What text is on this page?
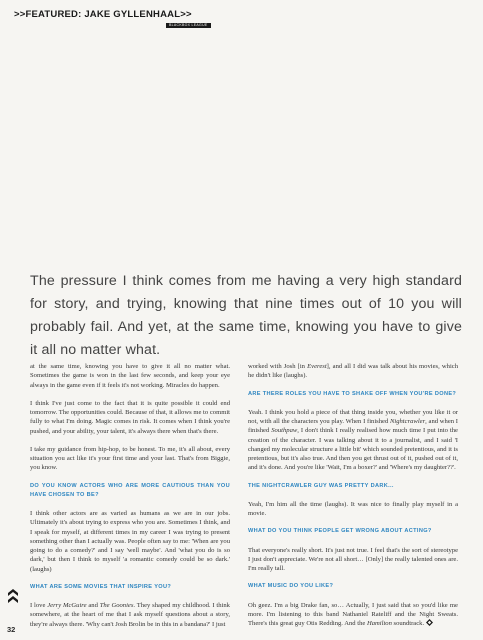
>>FEATURED: JAKE GYLLENHAAL>>
BLACKBOX LEAGUE
The pressure I think comes from me having a very high standard for story, and trying, knowing that nine times out of 10 you will probably fail. And yet, at the same time, knowing you have to give it all no matter what.

at the same time, knowing you have to give it all no matter what. Sometimes the game is won in the last few seconds, and keep your eye always in the game even if it feels it's not working. Miracles do happen.

I think I've just come to the fact that it is quite possible it could end tomorrow. The opportunities could. Because of that, it allows me to commit fully to what I'm doing. Magic comes in risk. It comes when I think you're pushed, and your ability, your talent, it's always there when that's there.

I take my guidance from hip-hop, to be honest. To me, it's all about, every situation you act like it's your first time and your last. That's from Biggie, you know.

DO YOU KNOW ACTORS WHO ARE MORE CAUTIOUS THAN YOU HAVE CHOSEN TO BE?

I think other actors are as varied as humans as we are in our jobs. Ultimately it's about trying to express who you are. Sometimes I think, and I speak for myself, at different times in my career I was trying to present something other than I actually was. People often say to me: 'When are you going to do a comedy?' and I say 'well maybe'. And 'what you do is so dark,' but then I think to myself 'a romantic comedy could be so dark.' (laughs)

WHAT ARE SOME MOVIES THAT INSPIRE YOU?

I love Jerry McGuire and The Goonies. They shaped my childhood. I think somewhere, at the heart of me that I ask myself questions about a story, they're always there. 'Why can't Josh Brolin be in this in a bandana?' I just

worked with Josh [in Everest], and all I did was talk about his movies, which he didn't like (laughs).

ARE THERE ROLES YOU HAVE TO SHAKE OFF WHEN YOU'RE DONE?

Yeah. I think you hold a piece of that thing inside you, whether you like it or not, with all the characters you play. When I finished Nightcrawler, and when I finished Southpaw, I don't think I really realised how much time I put into the creation of the character. I was talking about it to a journalist, and I said 'I changed my molecular structure a little bit' which sounded pretentious, and it is pretentious, but it's also true. And then you get thrust out of it, pushed out of it, and it's done. And you're like 'Wait, I'm a boxer?' and 'Where's my daughter??'.

THE NIGHTCRAWLER GUY WAS PRETTY DARK...

Yeah, I'm him all the time (laughs). It was nice to finally play myself in a movie.

WHAT DO YOU THINK PEOPLE GET WRONG ABOUT ACTING?

That everyone's really short. It's just not true. I feel that's the sort of stereotype I just don't appreciate. We're not all short… [Only] the really talented ones are. I'm really tall.

WHAT MUSIC DO YOU LIKE?

Oh geez. I'm a big Drake fan, so… Actually, I just said that so you'd like me more. I'm listening to this band Nathaniel Rateliff and the Night Sweats. There's this great guy Otis Redding. And the Hamilton soundtrack.

32
